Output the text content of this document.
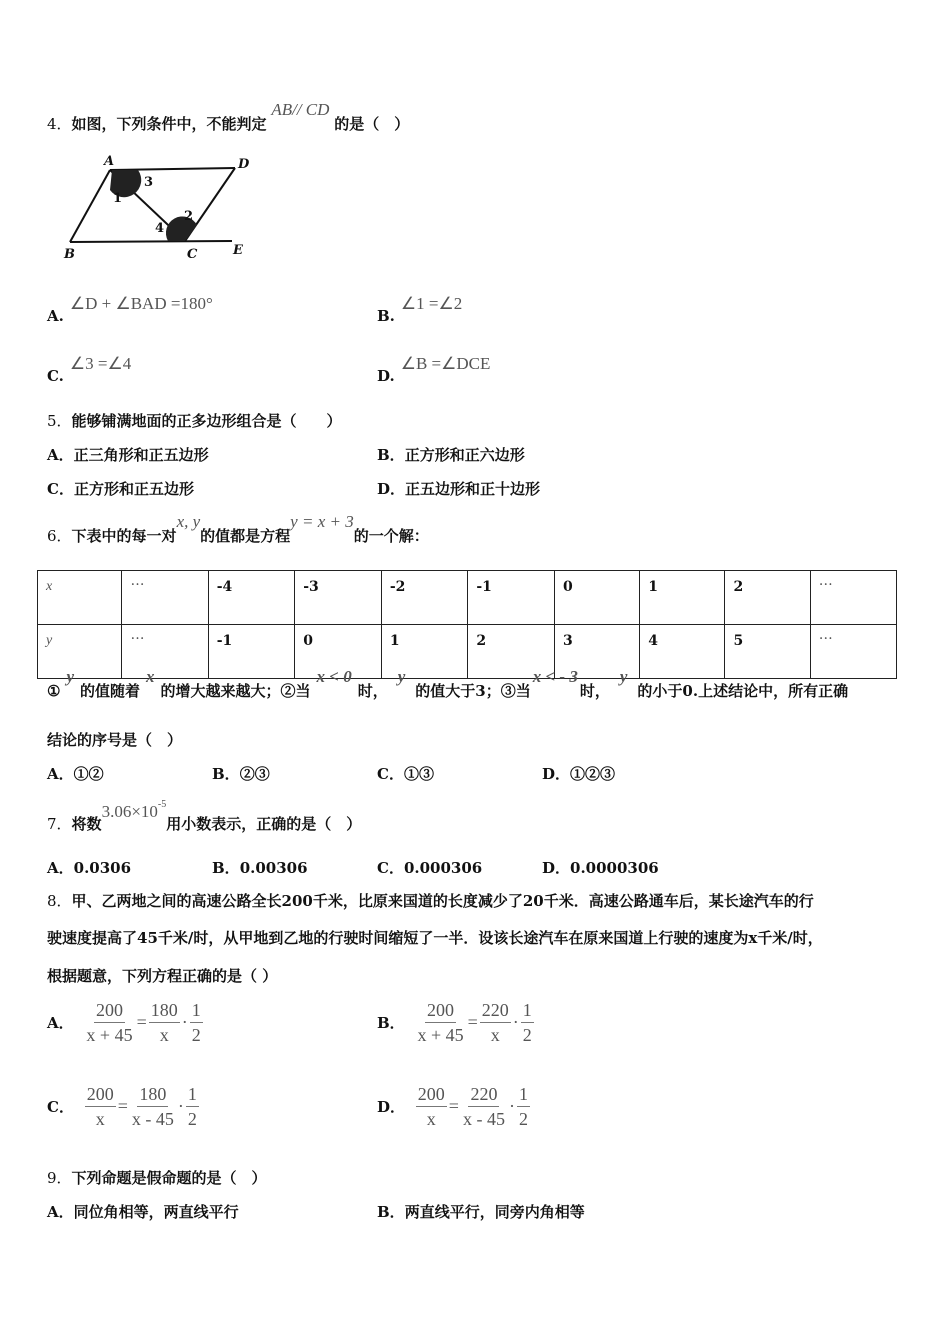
4．如图，下列条件中，不能判定 AB// CD 的是（　）
A	D
B	C	E
1
2
3
4
A.∠D + ∠BAD =180°
B.∠1 =∠2
C.∠3 =∠4
D.∠B =∠DCE
5．能够铺满地面的正多边形组合是（　　）
A．正三角形和正五边形	B．正方形和正六边形
C．正方形和正五边形	D．正五边形和正十边形
6．下表中的每一对x, y的值都是方程y = x + 3的一个解：
x	…	-4	-3	-2	-1	0	1	2	…
y	…	-1	0	1	2	3	4	5	…
①y的值随着x的增大越来越大；②当x < 0时，y的值大于3；③当x < - 3时，y的小于0.上述结论中，所有正确
结论的序号是（　）
A．①②	B．②③	C．①③	D．①②③
7．将数$3.06\times 10^{-5}$用小数表示，正确的是（　）
A．0.0306	B．0.00306	C．0.000306	D．0.0000306
8．甲、乙两地之间的高速公路全长200千米，比原来国道的长度减少了20千米．高速公路通车后，某长途汽车的行
驶速度提高了45千米/时，从甲地到乙地的行驶时间缩短了一半．设该长途汽车在原来国道上行驶的速度为x千米/时，
根据题意，下列方程正确的是（ ）
A． $\frac{200}{x + 45} = \frac{180}{x} \cdot \frac{1}{2}$	B． $\frac{200}{x + 45} = \frac{220}{x} \cdot \frac{1}{2}$
C． $\frac{200}{x} = \frac{180}{x - 45} \cdot \frac{1}{2}$	D． $\frac{200}{x} = \frac{220}{x - 45} \cdot \frac{1}{2}$
9．下列命题是假命题的是（　）
A．同位角相等，两直线平行	B．两直线平行，同旁内角相等
